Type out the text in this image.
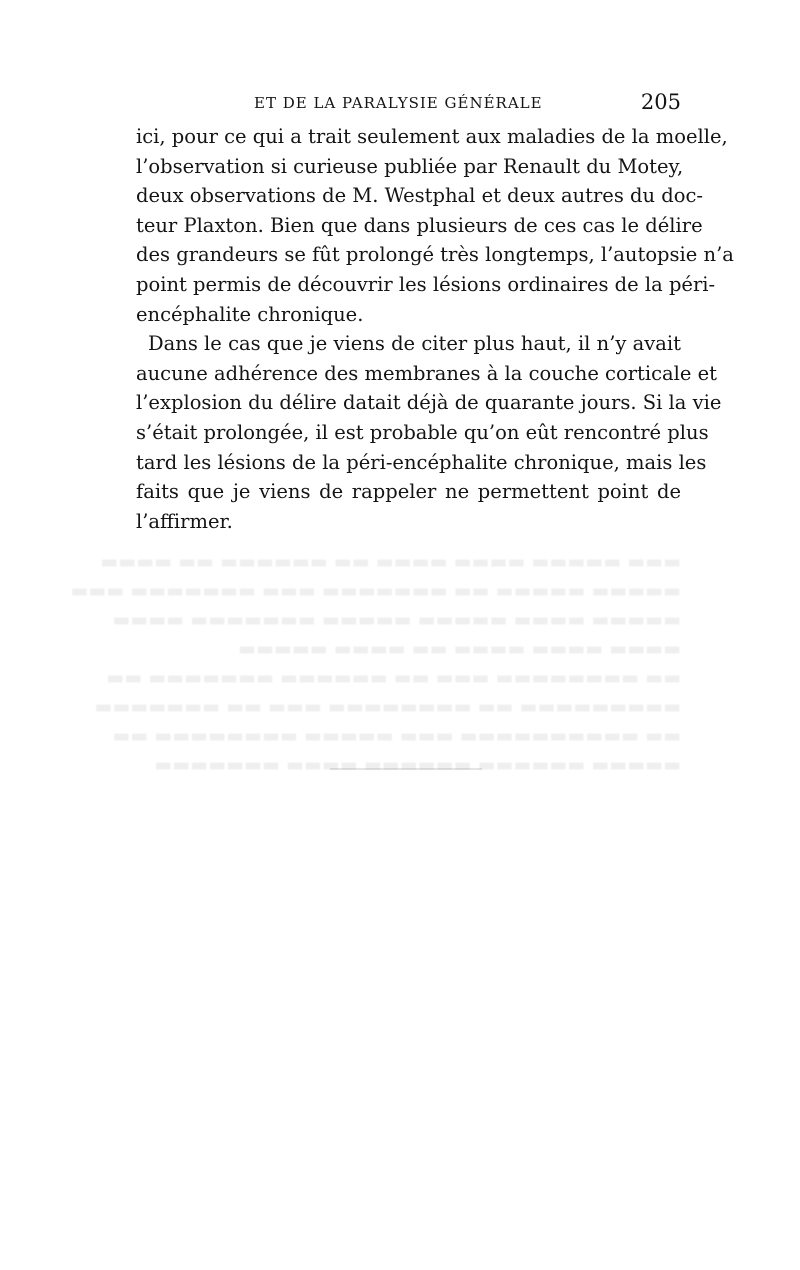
ET DE LA PARALYSIE GÉNÉRALE	205
ici, pour ce qui a trait seulement aux maladies de la moelle,
l’observation si curieuse publiée par Renault du Motey,
deux observations de M. Westphal et deux autres du doc-
teur Plaxton. Bien que dans plusieurs de ces cas le délire
des grandeurs se fût prolongé très longtemps, l’autopsie n’a
point permis de découvrir les lésions ordinaires de la péri-
encéphalite chronique.
Dans le cas que je viens de citer plus haut, il n’y avait
aucune adhérence des membranes à la couche corticale et
l’explosion du délire datait déjà de quarante jours. Si la vie
s’était prolongée, il est probable qu’on eût rencontré plus
tard les lésions de la péri-encéphalite chronique, mais les
faits que je viens de rappeler ne permettent point de
l’affirmer.
▬▬▬ ▬▬▬▬▬ ▬▬▬▬ ▬▬▬▬ ▬▬ ▬▬▬▬▬▬ ▬▬ ▬▬▬▬
▬▬▬▬▬ ▬▬▬▬▬ ▬▬ ▬▬▬▬▬▬▬ ▬▬▬ ▬▬▬▬▬▬▬ ▬▬▬
▬▬▬▬▬ ▬▬▬▬ ▬▬▬▬▬ ▬▬▬▬▬ ▬▬▬▬▬▬▬ ▬▬▬▬
▬▬▬▬ ▬▬▬▬ ▬▬▬▬ ▬▬ ▬▬▬▬ ▬▬▬▬▬
▬▬ ▬▬▬▬▬▬▬▬ ▬▬▬ ▬▬ ▬▬▬▬▬▬ ▬▬▬▬▬▬▬ ▬▬
▬▬▬▬▬▬▬▬▬ ▬▬ ▬▬▬▬▬▬▬▬ ▬▬▬ ▬▬ ▬▬▬▬▬▬▬
▬▬ ▬▬▬▬▬▬▬▬▬▬ ▬▬▬ ▬▬▬▬▬ ▬▬▬▬▬▬▬▬ ▬▬
▬▬▬▬▬ ▬▬▬▬▬▬ ▬▬▬▬▬▬ ▬▬▬▬ ▬▬▬▬▬▬▬
